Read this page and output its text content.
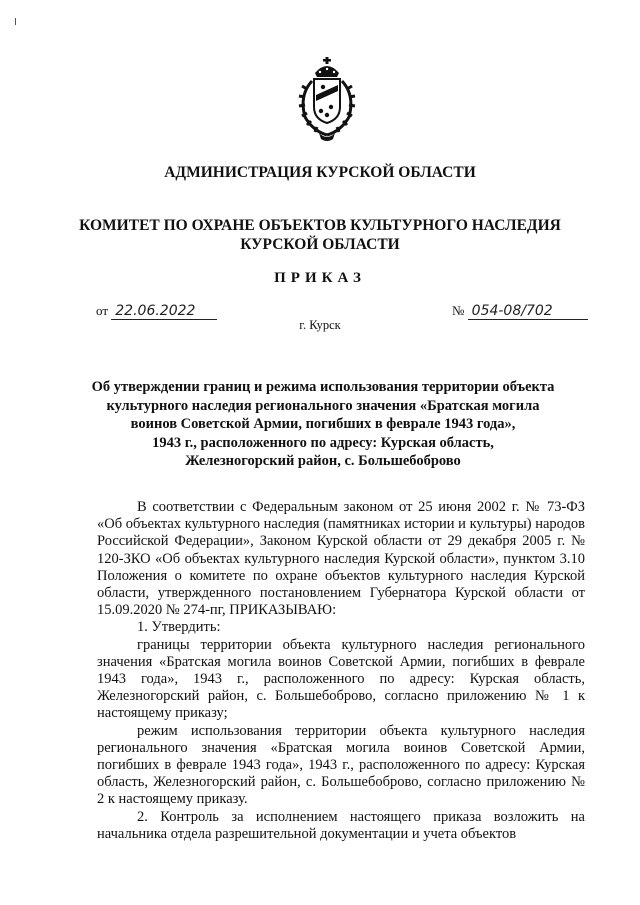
АДМИНИСТРАЦИЯ КУРСКОЙ ОБЛАСТИ
КОМИТЕТ ПО ОХРАНЕ ОБЪЕКТОВ КУЛЬТУРНОГО НАСЛЕДИЯ
КУРСКОЙ ОБЛАСТИ
ПРИКАЗ
от 22.06.2022	№ 054-08/702
г. Курск
Об утверждении границ и режима использования территории объекта
культурного наследия регионального значения «Братская могила
воинов Советской Армии, погибших в феврале 1943 года»,
1943 г., расположенного по адресу: Курская область,
Железногорский район, с. Большебоброво

В соответствии с Федеральным законом от 25 июня 2002 г. № 73-ФЗ «Об объектах культурного наследия (памятниках истории и культуры) народов Российской Федерации», Законом Курской области от 29 декабря 2005 г. № 120-ЗКО «Об объектах культурного наследия Курской области», пунктом 3.10 Положения о комитете по охране объектов культурного наследия Курской области, утвержденного постановлением Губернатора Курской области от 15.09.2020 № 274-пг, ПРИКАЗЫВАЮ:

1. Утвердить:

границы территории объекта культурного наследия регионального значения «Братская могила воинов Советской Армии, погибших в феврале 1943 года», 1943 г., расположенного по адресу: Курская область, Железногорский район, с. Большебоброво, согласно приложению № 1 к настоящему приказу;

режим использования территории объекта культурного наследия регионального значения «Братская могила воинов Советской Армии, погибших в феврале 1943 года», 1943 г., расположенного по адресу: Курская область, Железногорский район, с. Большебоброво, согласно приложению № 2 к настоящему приказу.

2. Контроль за исполнением настоящего приказа возложить на начальника отдела разрешительной документации и учета объектов
